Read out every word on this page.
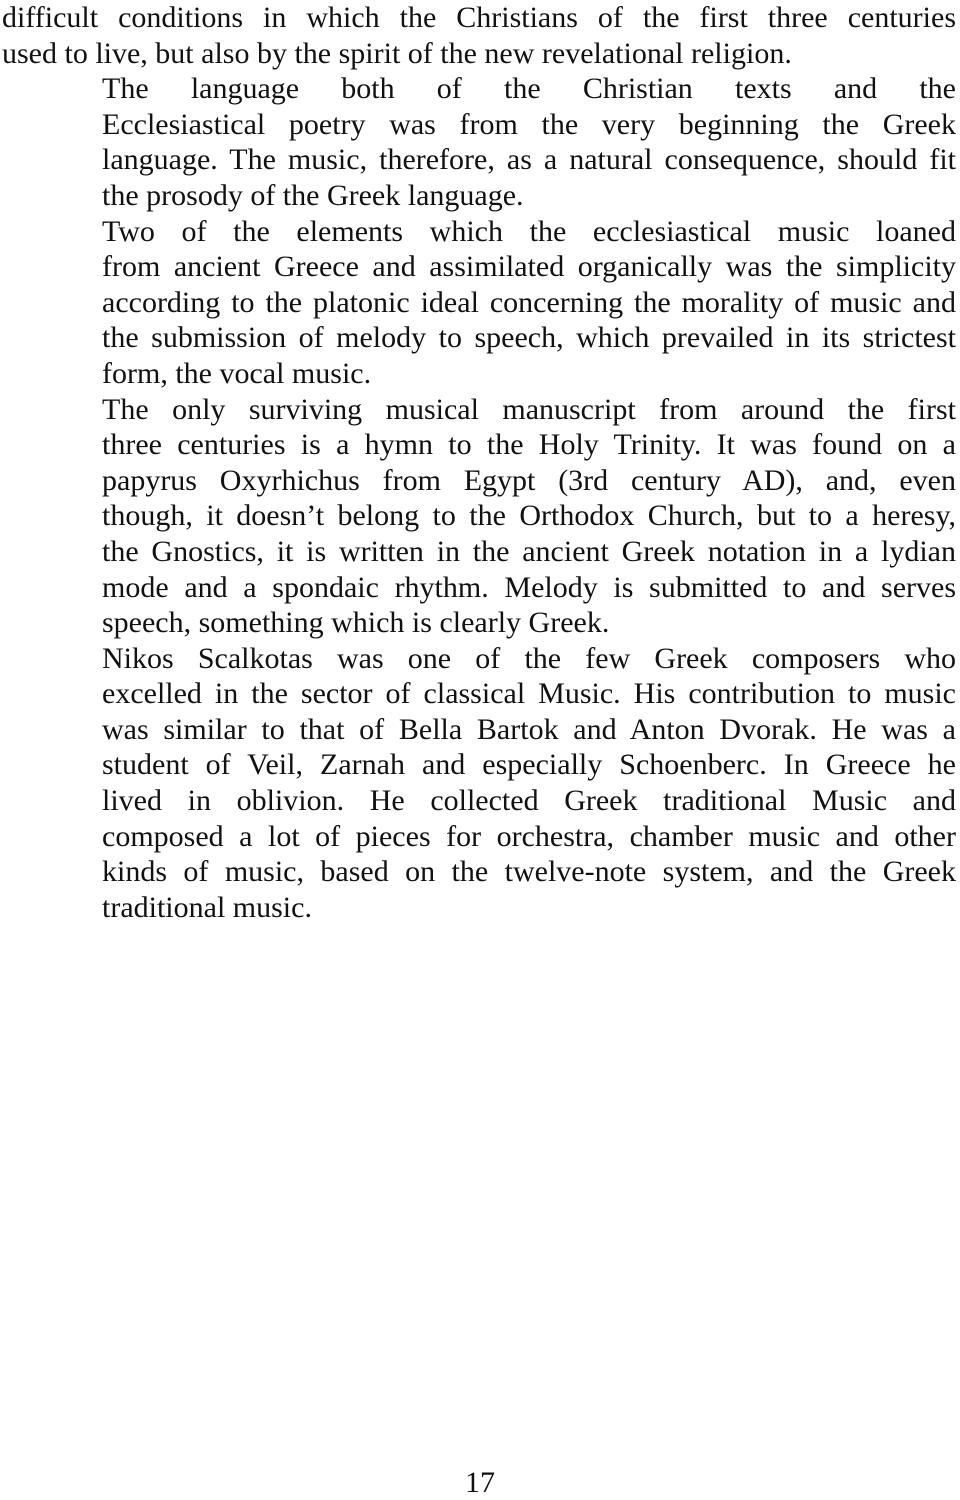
difficult conditions in which the Christians of the first three centuries
used to live, but also by the spirit of the new revelational religion.

The language both of the Christian texts and the
Ecclesiastical poetry was from the very beginning the Greek
language. The music, therefore, as a natural consequence, should fit
the prosody of the Greek language.

Two of the elements which the ecclesiastical music loaned
from ancient Greece and assimilated organically was the simplicity
according to the platonic ideal concerning the morality of music and
the submission of melody to speech, which prevailed in its strictest
form, the vocal music.

The only surviving musical manuscript from around the first
three centuries is a hymn to the Holy Trinity. It was found on a
papyrus Oxyrhichus from Egypt (3rd century AD), and, even
though, it doesn’t belong to the Orthodox Church, but to a heresy,
the Gnostics, it is written in the ancient Greek notation in a lydian
mode and a spondaic rhythm. Melody is submitted to and serves
speech, something which is clearly Greek.

Nikos Scalkotas was one of the few Greek composers who
excelled in the sector of classical Music. His contribution to music
was similar to that of Bella Bartok and Anton Dvorak. He was a
student of Veil, Zarnah and especially Schoenberc. In Greece he
lived in oblivion. He collected Greek traditional Music and
composed a lot of pieces for orchestra, chamber music and other
kinds of music, based on the twelve-note system, and the Greek
traditional music.

17
